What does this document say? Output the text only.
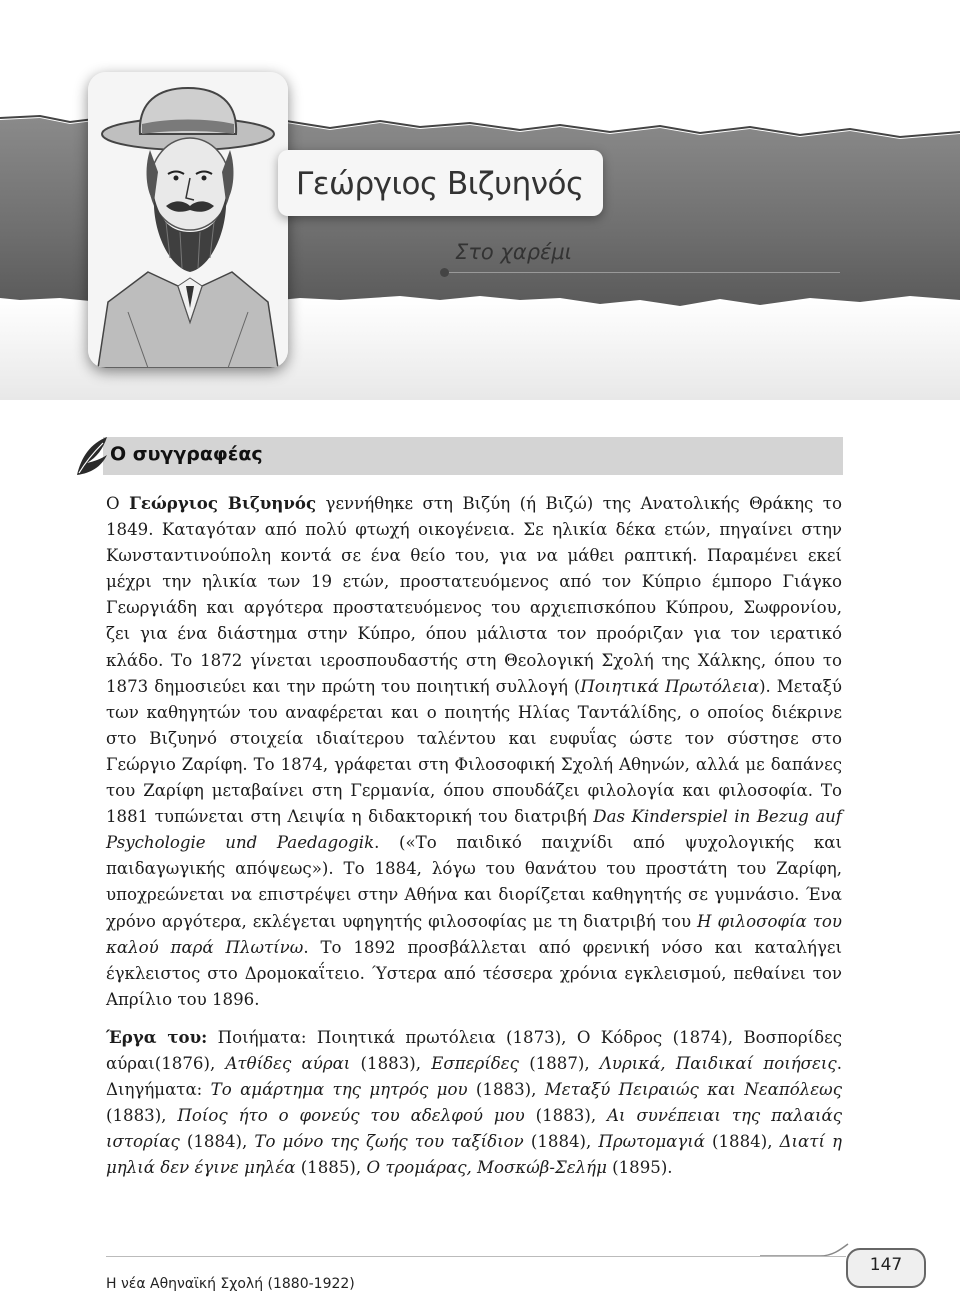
Γεώργιος Βιζυηνός
Στο χαρέμι
Ο συγγραφέας

Ο Γεώργιος Βιζυηνός γεννήθηκε στη Βιζύη (ή Βιζώ) της Ανατολικής Θράκης το 1849. Καταγόταν από πολύ φτωχή οικογένεια. Σε ηλικία δέκα ετών, πηγαίνει στην Κωνσταντινούπολη κοντά σε ένα θείο του, για να μάθει ραπτική. Παραμένει εκεί μέχρι την ηλικία των 19 ετών, προστατευόμενος από τον Κύπριο έμπορο Γιάγκο Γεωργιάδη και αργότερα προστατευόμενος του αρχιεπισκόπου Κύπρου, Σωφρονίου, ζει για ένα διάστημα στην Κύπρο, όπου μάλιστα τον προόριζαν για τον ιερατικό κλάδο. Το 1872 γίνεται ιεροσπουδαστής στη Θεολογική Σχολή της Χάλκης, όπου το 1873 δημοσιεύει και την πρώτη του ποιητική συλλογή (Ποιητικά Πρωτόλεια). Μεταξύ των καθηγητών του αναφέρεται και ο ποιητής Ηλίας Ταντάλίδης, ο οποίος διέκρινε στο Βιζυηνό στοιχεία ιδιαίτερου ταλέντου και ευφυΐας ώστε τον σύστησε στο Γεώργιο Ζαρίφη. Το 1874, γράφεται στη Φιλοσοφική Σχολή Αθηνών, αλλά με δαπάνες του Ζαρίφη μεταβαίνει στη Γερμανία, όπου σπουδάζει φιλολογία και φιλοσοφία. Το 1881 τυπώνεται στη Λειψία η διδακτορική του διατριβή Das Kinderspiel in Bezug auf Psychologie und Paedagogik. («Το παιδικό παιχνίδι από ψυχολογικής και παιδαγωγικής απόψεως»). Το 1884, λόγω του θανάτου του προστάτη του Ζαρίφη, υποχρεώνεται να επιστρέψει στην Αθήνα και διορίζεται καθηγητής σε γυμνάσιο. Ένα χρόνο αργότερα, εκλέγεται υφηγητής φιλοσοφίας με τη διατριβή του Η φιλοσοφία του καλού παρά Πλωτίνω. Το 1892 προσβάλλεται από φρενική νόσο και καταλήγει έγκλειστος στο Δρομοκαΐτειο. Ύστερα από τέσσερα χρόνια εγκλεισμού, πεθαίνει τον Απρίλιο του 1896.

Έργα του: Ποιήματα: Ποιητικά πρωτόλεια (1873), Ο Κόδρος (1874), Βοσπορίδες αύραι(1876), Ατθίδες αύραι (1883), Εσπερίδες (1887), Λυρικά, Παιδικαί ποιήσεις. Διηγήματα: Το αμάρτημα της μητρός μου (1883), Μεταξύ Πειραιώς και Νεαπόλεως (1883), Ποίος ήτο ο φονεύς του αδελφού μου (1883), Αι συνέπειαι της παλαιάς ιστορίας (1884), Το μόνο της ζωής του ταξίδιον (1884), Πρωτομαγιά (1884), Διατί η μηλιά δεν έγινε μηλέα (1885), Ο τρομάρας, Μοσκώβ-Σελήμ (1895).

Η νέα Αθηναϊκή Σχολή (1880-1922)
147
